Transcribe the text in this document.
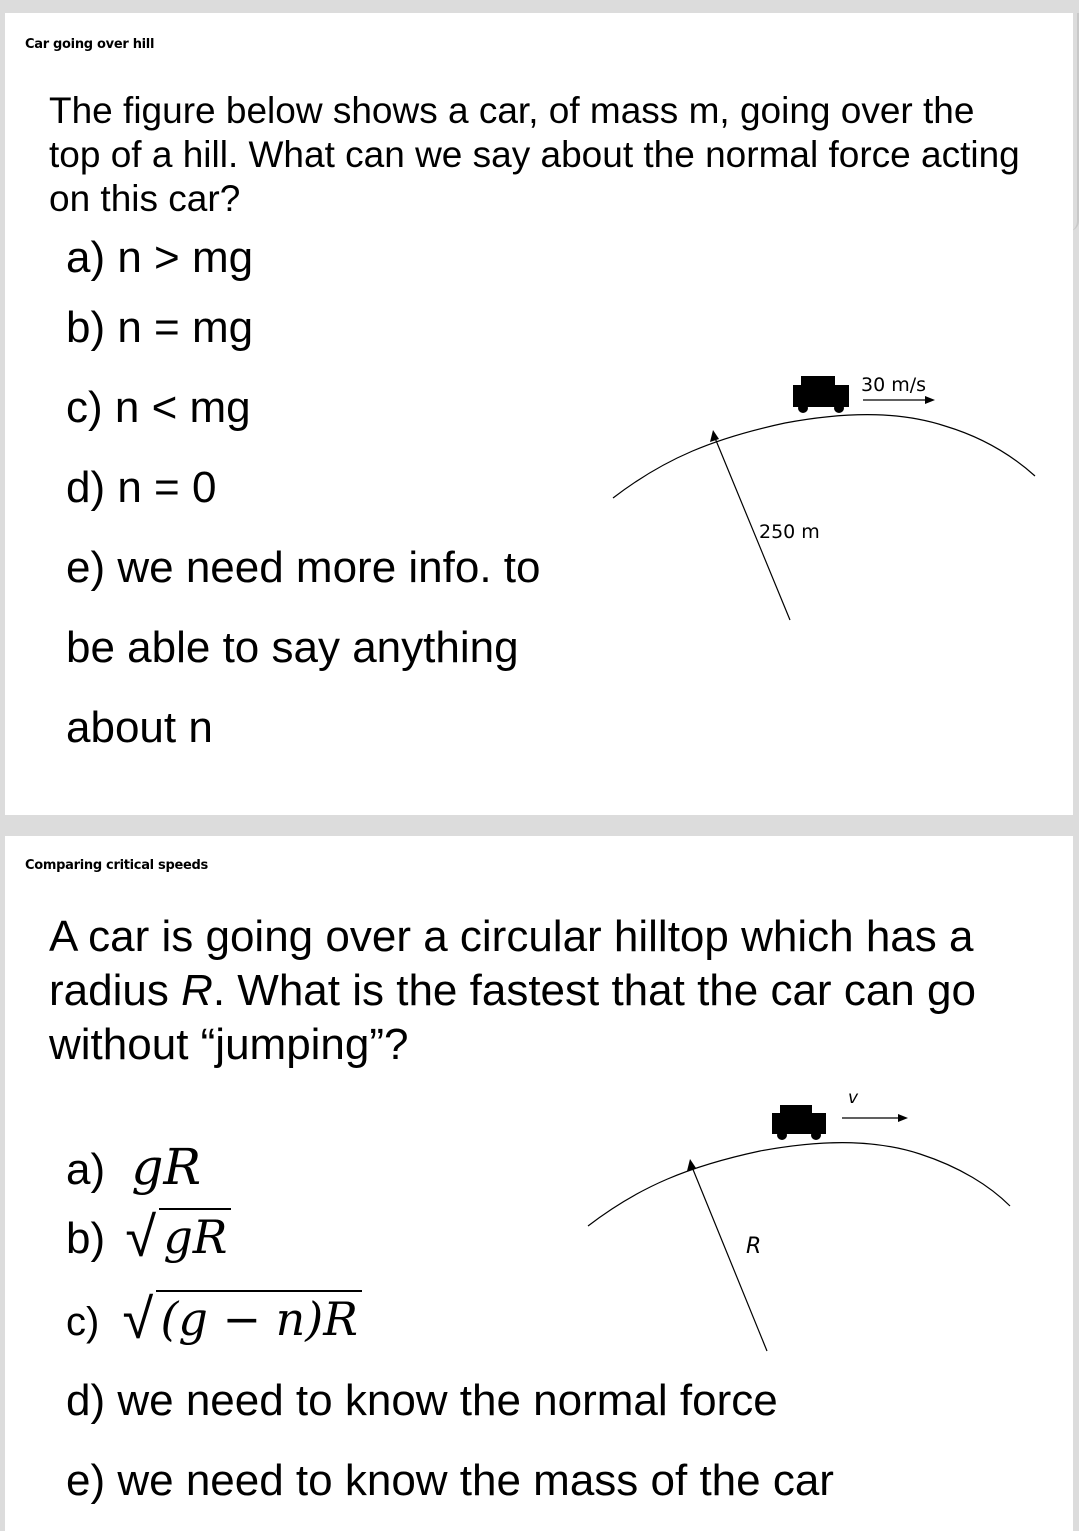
Car going over hill
The figure below shows a car, of mass m, going over the top of a hill. What can we say about the normal force acting on this car?
a) n > mg
b) n = mg
c) n < mg
d) n = 0
e) we need more info. to
be able to say anything
about n
30 m/s
250 m
Comparing critical speeds
A car is going over a circular hilltop which has a radius R. What is the fastest that the car can go without “jumping”?
a) gR
b) √ gR
c) √ (g − n)R
d) we need to know the normal force
e) we need to know the mass of the car
v
R
